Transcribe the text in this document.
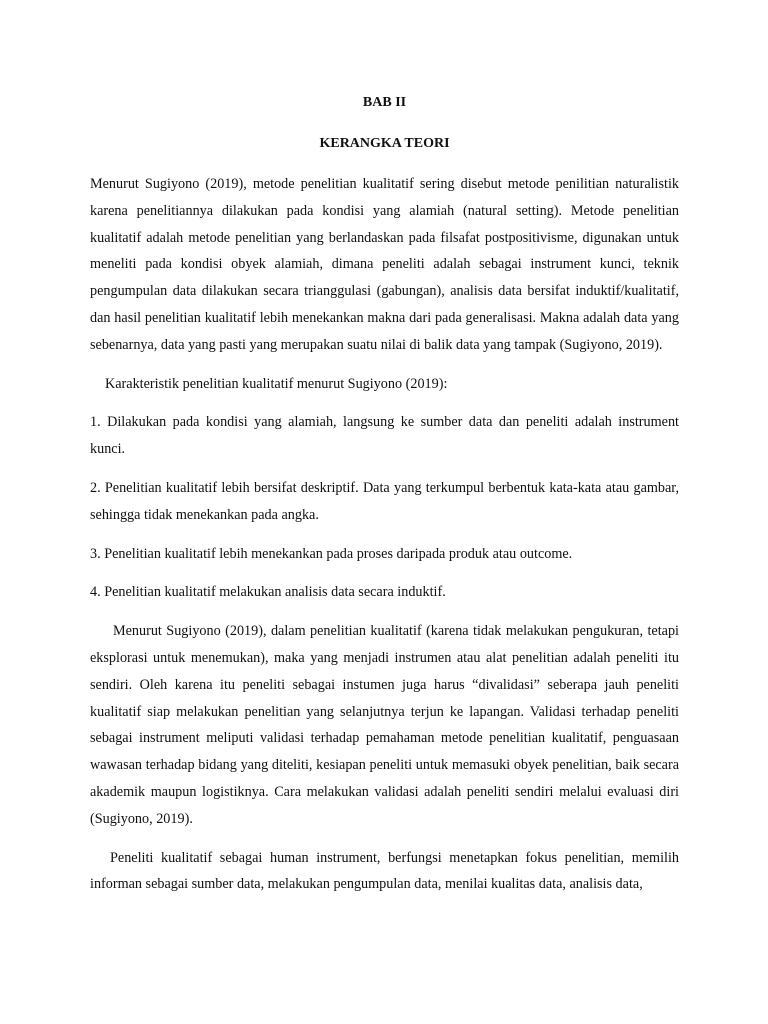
BAB II
KERANGKA TEORI

Menurut Sugiyono (2019), metode penelitian kualitatif sering disebut metode penilitian naturalistik karena penelitiannya dilakukan pada kondisi yang alamiah (natural setting). Metode penelitian kualitatif adalah metode penelitian yang berlandaskan pada filsafat postpositivisme, digunakan untuk meneliti pada kondisi obyek alamiah, dimana peneliti adalah sebagai instrument kunci, teknik pengumpulan data dilakukan secara trianggulasi (gabungan), analisis data bersifat induktif/kualitatif, dan hasil penelitian kualitatif lebih menekankan makna dari pada generalisasi. Makna adalah data yang sebenarnya, data yang pasti yang merupakan suatu nilai di balik data yang tampak (Sugiyono, 2019).

Karakteristik penelitian kualitatif menurut Sugiyono (2019):

1. Dilakukan pada kondisi yang alamiah, langsung ke sumber data dan peneliti adalah instrument kunci.

2. Penelitian kualitatif lebih bersifat deskriptif. Data yang terkumpul berbentuk kata-kata atau gambar, sehingga tidak menekankan pada angka.

3. Penelitian kualitatif lebih menekankan pada proses daripada produk atau outcome.

4. Penelitian kualitatif melakukan analisis data secara induktif.

Menurut Sugiyono (2019), dalam penelitian kualitatif (karena tidak melakukan pengukuran, tetapi eksplorasi untuk menemukan), maka yang menjadi instrumen atau alat penelitian adalah peneliti itu sendiri. Oleh karena itu peneliti sebagai instumen juga harus “divalidasi” seberapa jauh peneliti kualitatif siap melakukan penelitian yang selanjutnya terjun ke lapangan. Validasi terhadap peneliti sebagai instrument meliputi validasi terhadap pemahaman metode penelitian kualitatif, penguasaan wawasan terhadap bidang yang diteliti, kesiapan peneliti untuk memasuki obyek penelitian, baik secara akademik maupun logistiknya. Cara melakukan validasi adalah peneliti sendiri melalui evaluasi diri (Sugiyono, 2019).

Peneliti kualitatif sebagai human instrument, berfungsi menetapkan fokus penelitian, memilih informan sebagai sumber data, melakukan pengumpulan data, menilai kualitas data, analisis data,
